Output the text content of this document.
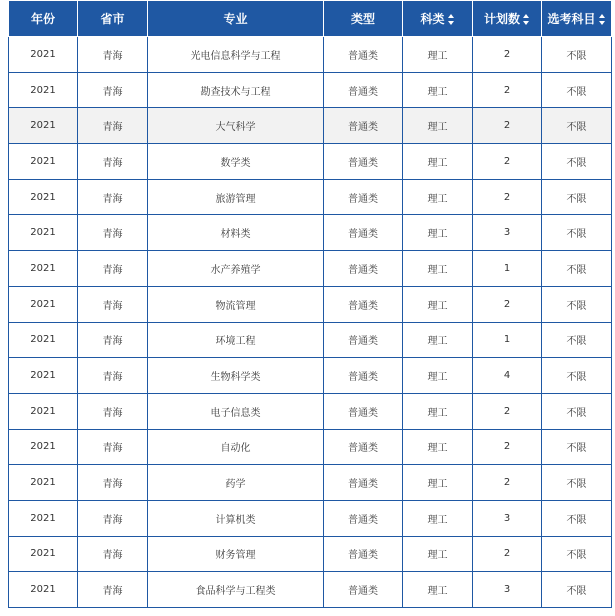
年份	省市	专业	类型	科类	计划数	选考科目

2021	青海	光电信息科学与工程	普通类	理工	2	不限
2021	青海	勘查技术与工程	普通类	理工	2	不限
2021	青海	大气科学	普通类	理工	2	不限
2021	青海	数学类	普通类	理工	2	不限
2021	青海	旅游管理	普通类	理工	2	不限
2021	青海	材料类	普通类	理工	3	不限
2021	青海	水产养殖学	普通类	理工	1	不限
2021	青海	物流管理	普通类	理工	2	不限
2021	青海	环境工程	普通类	理工	1	不限
2021	青海	生物科学类	普通类	理工	4	不限
2021	青海	电子信息类	普通类	理工	2	不限
2021	青海	自动化	普通类	理工	2	不限
2021	青海	药学	普通类	理工	2	不限
2021	青海	计算机类	普通类	理工	3	不限
2021	青海	财务管理	普通类	理工	2	不限
2021	青海	食品科学与工程类	普通类	理工	3	不限
